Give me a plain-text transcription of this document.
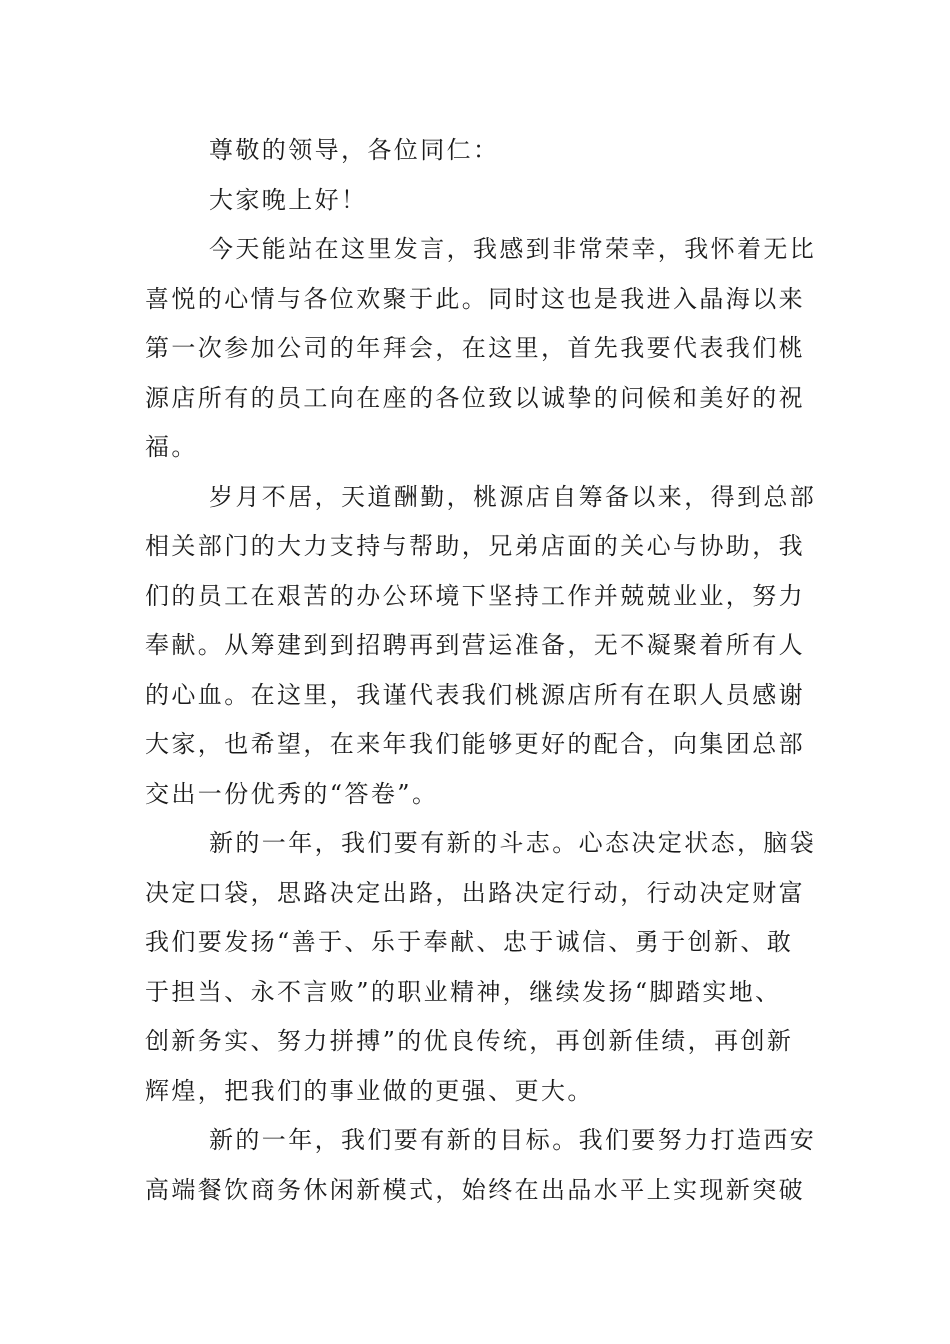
尊敬的领导，各位同仁：
大家晚上好！
今天能站在这里发言，我感到非常荣幸，我怀着无比
喜悦的心情与各位欢聚于此。同时这也是我进入晶海以来
第一次参加公司的年拜会，在这里，首先我要代表我们桃
源店所有的员工向在座的各位致以诚挚的问候和美好的祝
福。
岁月不居，天道酬勤，桃源店自筹备以来，得到总部
相关部门的大力支持与帮助，兄弟店面的关心与协助，我
们的员工在艰苦的办公环境下坚持工作并兢兢业业，努力
奉献。从筹建到到招聘再到营运准备，无不凝聚着所有人
的心血。在这里，我谨代表我们桃源店所有在职人员感谢
大家，也希望，在来年我们能够更好的配合，向集团总部
交出一份优秀的“答卷”。
新的一年，我们要有新的斗志。心态决定状态，脑袋
决定口袋，思路决定出路，出路决定行动，行动决定财富
我们要发扬“善于、乐于奉献、忠于诚信、勇于创新、敢
于担当、永不言败”的职业精神，继续发扬“脚踏实地、
创新务实、努力拼搏”的优良传统，再创新佳绩，再创新
辉煌，把我们的事业做的更强、更大。
新的一年，我们要有新的目标。我们要努力打造西安
高端餐饮商务休闲新模式，始终在出品水平上实现新突破
